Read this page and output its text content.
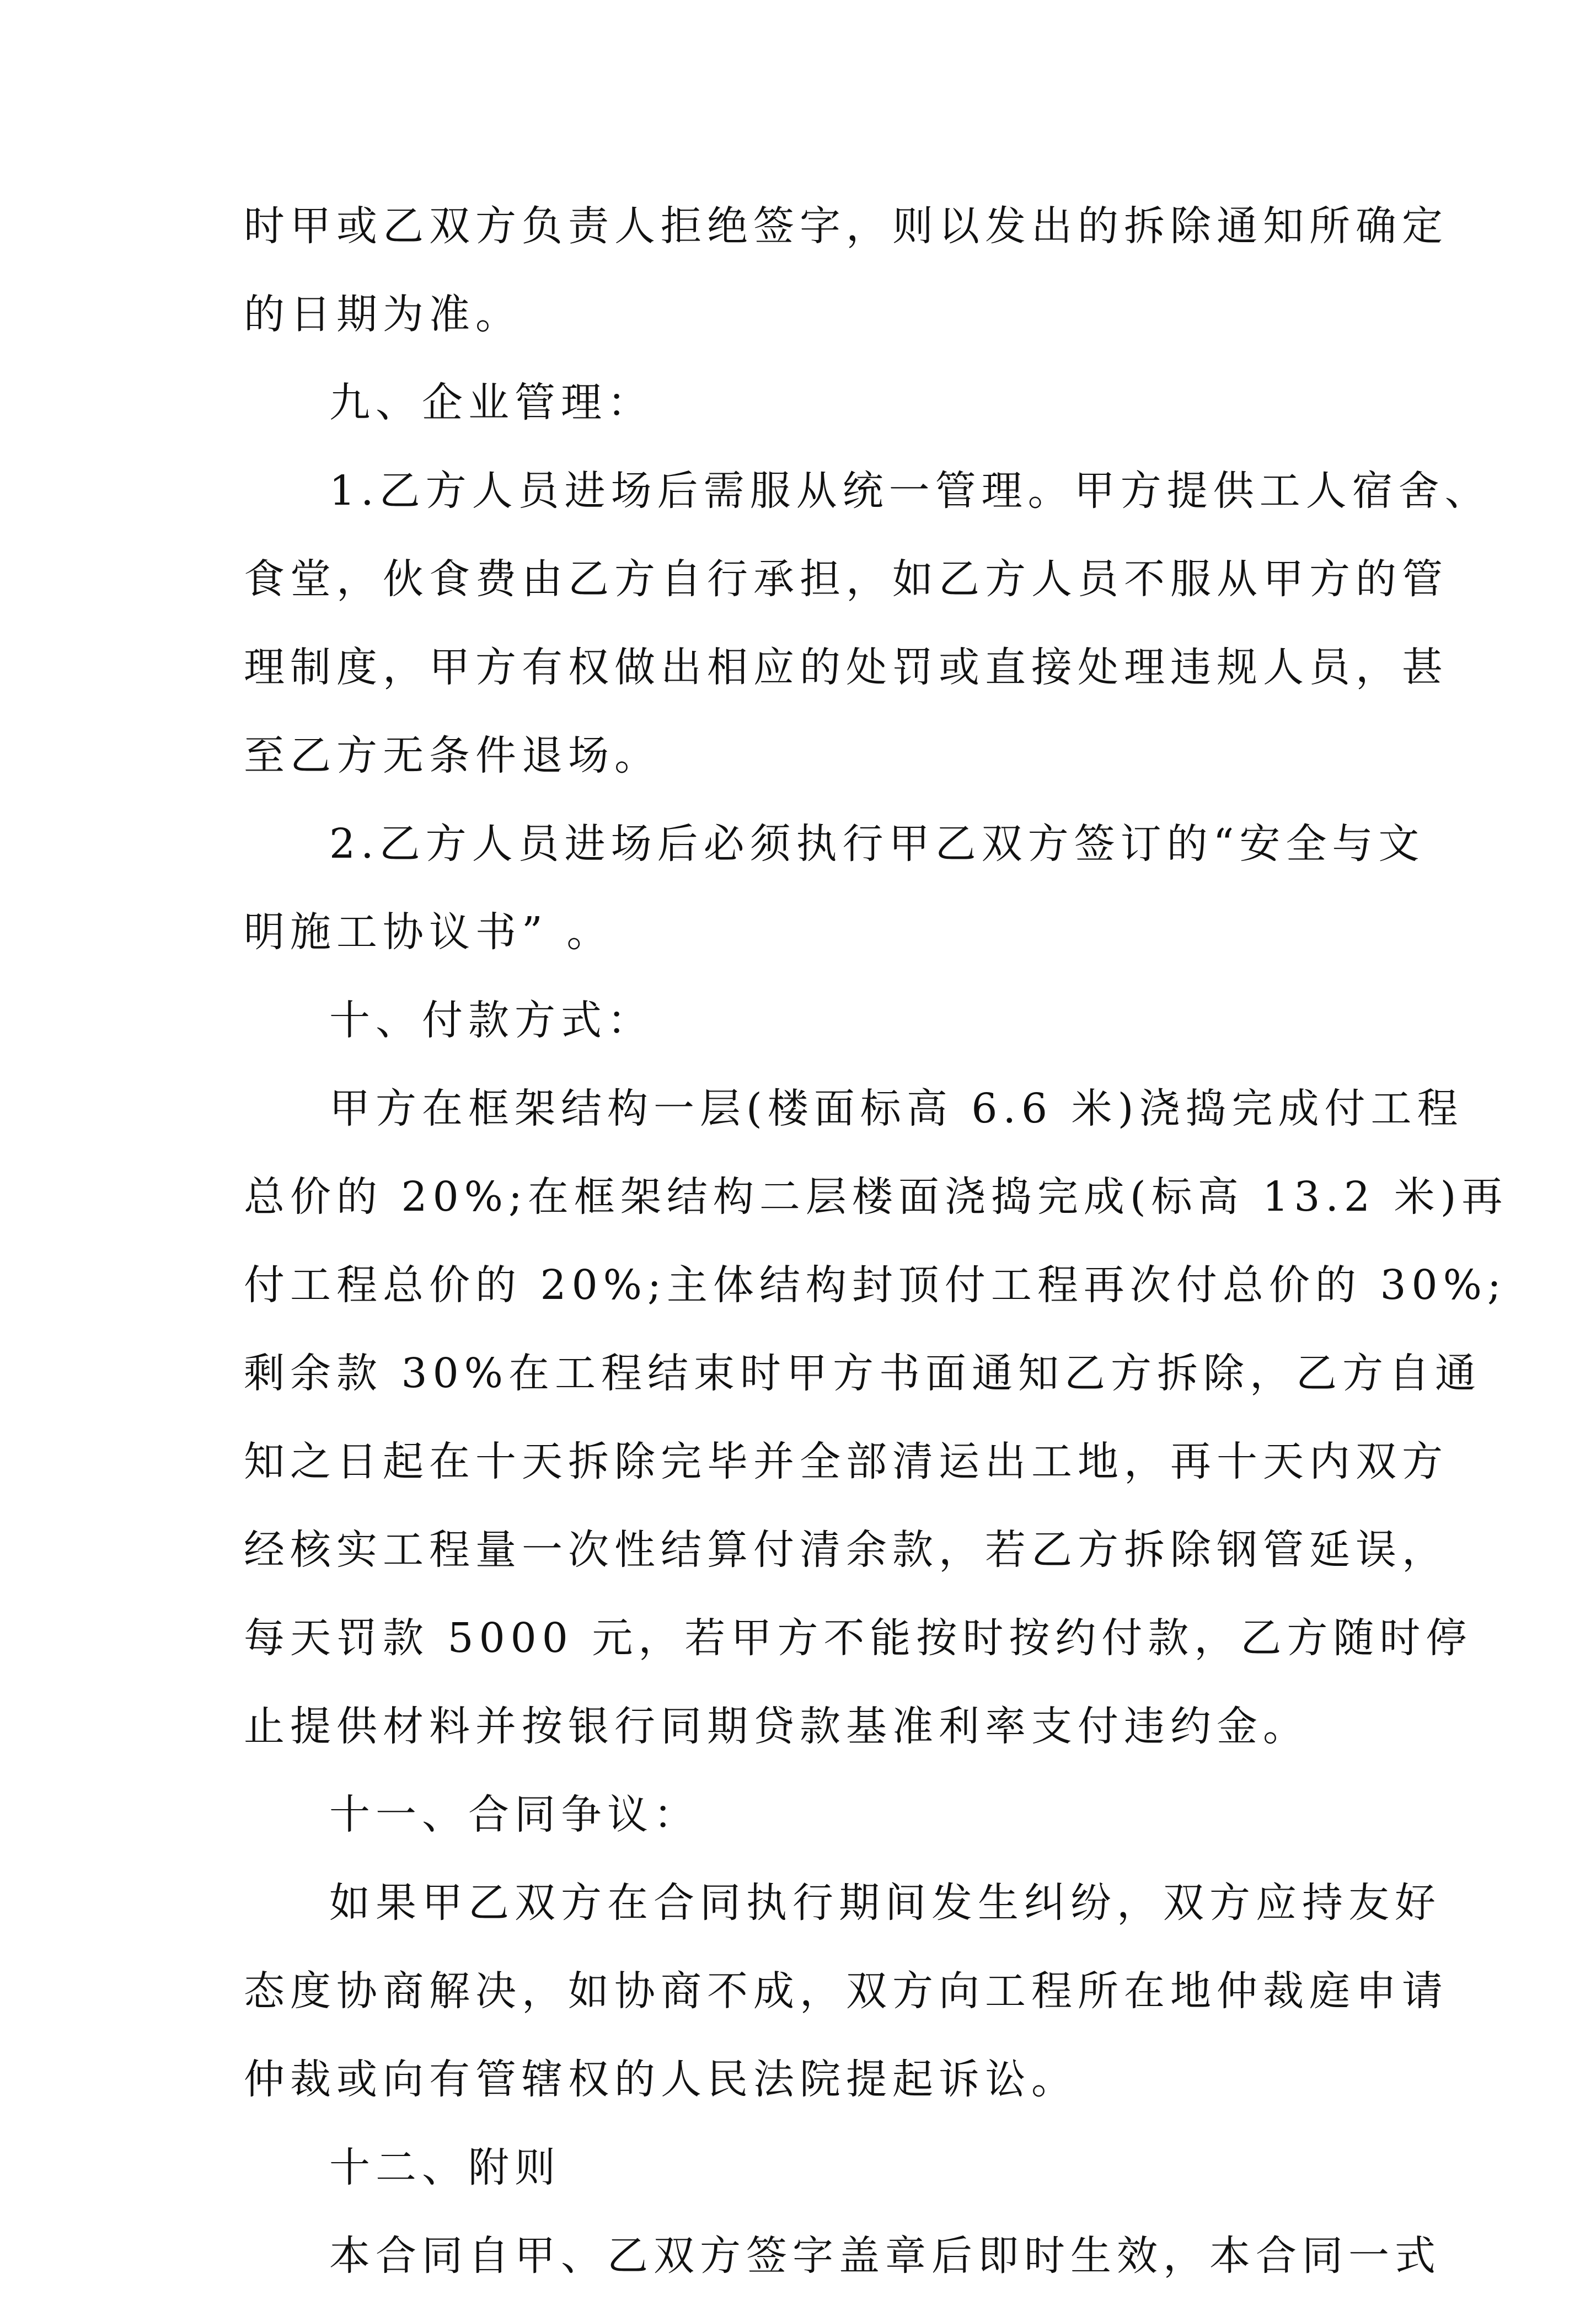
时甲或乙双方负责人拒绝签字，则以发出的拆除通知所确定
的日期为准。
九、企业管理：
1.乙方人员进场后需服从统一管理。甲方提供工人宿舍、
食堂，伙食费由乙方自行承担，如乙方人员不服从甲方的管
理制度，甲方有权做出相应的处罚或直接处理违规人员，甚
至乙方无条件退场。
2.乙方人员进场后必须执行甲乙双方签订的“安全与文
明施工协议书” 。
十、付款方式：
甲方在框架结构一层(楼面标高 6.6 米)浇捣完成付工程
总价的 20%;在框架结构二层楼面浇捣完成(标高 13.2 米)再
付工程总价的 20%;主体结构封顶付工程再次付总价的 30%;
剩余款 30%在工程结束时甲方书面通知乙方拆除，乙方自通
知之日起在十天拆除完毕并全部清运出工地，再十天内双方
经核实工程量一次性结算付清余款，若乙方拆除钢管延误，
每天罚款 5000 元，若甲方不能按时按约付款，乙方随时停
止提供材料并按银行同期贷款基准利率支付违约金。
十一、合同争议：
如果甲乙双方在合同执行期间发生纠纷，双方应持友好
态度协商解决，如协商不成，双方向工程所在地仲裁庭申请
仲裁或向有管辖权的人民法院提起诉讼。
十二、附则
本合同自甲、乙双方签字盖章后即时生效，本合同一式
